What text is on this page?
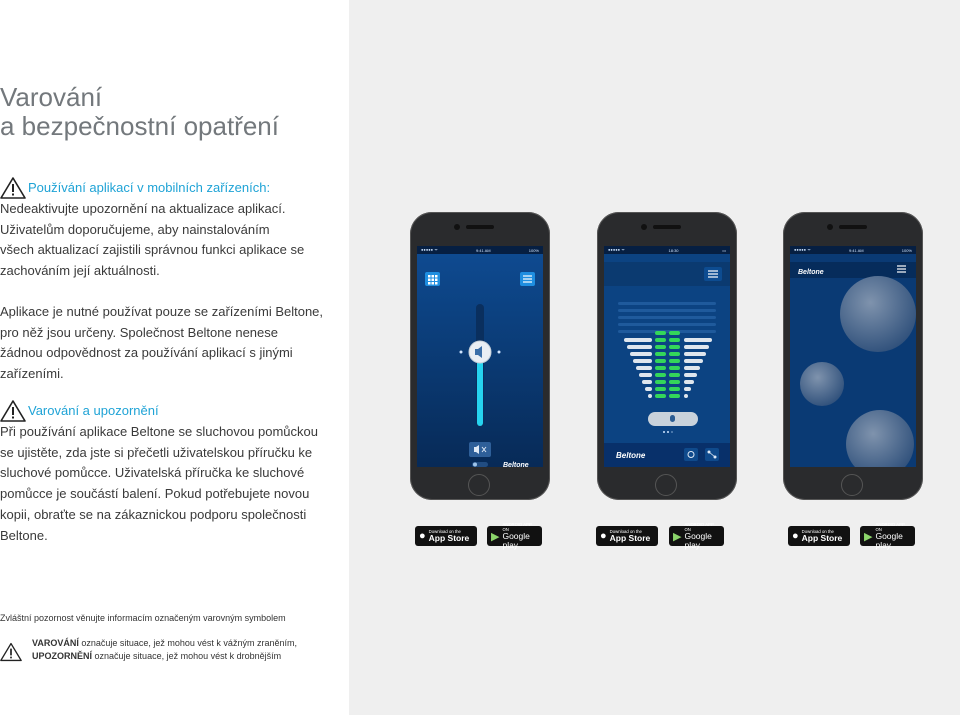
Varování
a bezpečnostní opatření
Používání aplikací v mobilních zařízeních:
Nedeaktivujte upozornění na aktualizace aplikací.
Uživatelům doporučujeme, aby nainstalováním
všech aktualizací zajistili správnou funkci aplikace se
zachováním její aktuálnosti.
Aplikace je nutné používat pouze se zařízeními Beltone,
pro něž jsou určeny. Společnost Beltone nenese
žádnou odpovědnost za používání aplikací s jinými
zařízeními.
Varování a upozornění
Při používání aplikace Beltone se sluchovou pomůckou
se ujistěte, zda jste si přečetli uživatelskou příručku ke
sluchové pomůcce. Uživatelská příručka ke sluchové
pomůcce je součástí balení. Pokud potřebujete novou
kopii, obraťte se na zákaznickou podporu společnosti
Beltone.
Zvláštní pozornost věnujte informacím označeným varovným symbolem
VAROVÁNÍ označuje situace, jež mohou vést k vážným zraněním,
UPOZORNĚNÍ označuje situace, jež mohou vést k drobnějším
●●●●● ᯤ	9:41 AM	100%
Beltone
●●●●● ᯤ	18:30	▭
Beltone
●●●●● ᯤ	9:41 AM	100%
Beltone
● Download on the
App Store ▶
ANDROID APP ON
Google play
● Download on the
App Store ▶
ANDROID APP ON
Google play
● Download on the
App Store ▶
ANDROID APP ON
Google play
